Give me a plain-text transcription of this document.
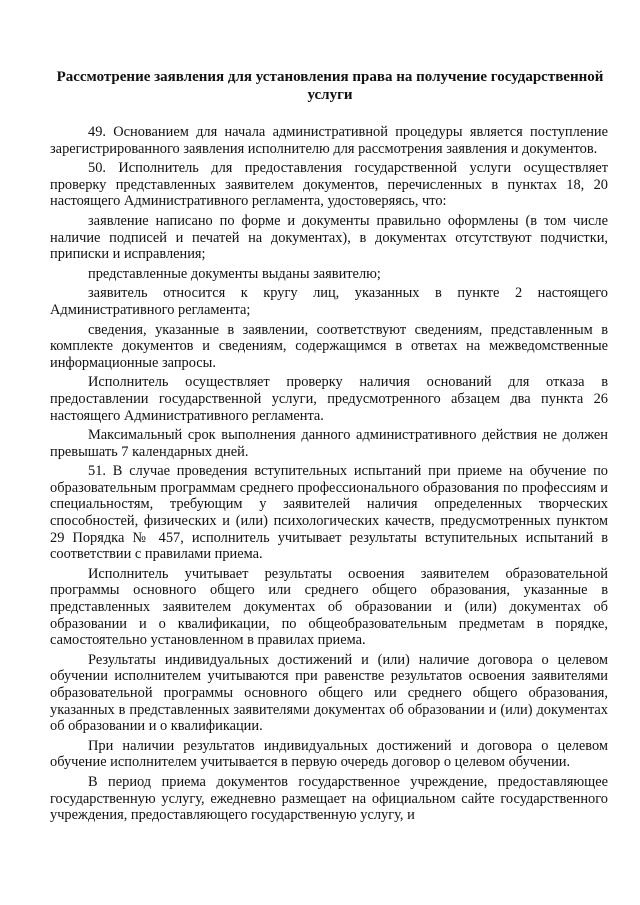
Рассмотрение заявления для установления права на получение государственной услуги

49. Основанием для начала административной процедуры является поступление зарегистрированного заявления исполнителю для рассмотрения заявления и документов.

50. Исполнитель для предоставления государственной услуги осуществляет проверку представленных заявителем документов, перечисленных в пунктах 18, 20 настоящего Административного регламента, удостоверяясь, что:

заявление написано по форме и документы правильно оформлены (в том числе наличие подписей и печатей на документах), в документах отсутствуют подчистки, приписки и исправления;

представленные документы выданы заявителю;

заявитель относится к кругу лиц, указанных в пункте 2 настоящего Административного регламента;

сведения, указанные в заявлении, соответствуют сведениям, представленным в комплекте документов и сведениям, содержащимся в ответах на межведомственные информационные запросы.

Исполнитель осуществляет проверку наличия оснований для отказа в предоставлении государственной услуги, предусмотренного абзацем два пункта 26 настоящего Административного регламента.

Максимальный срок выполнения данного административного действия не должен превышать 7 календарных дней.

51. В случае проведения вступительных испытаний при приеме на обучение по образовательным программам среднего профессионального образования по профессиям и специальностям, требующим у заявителей наличия определенных творческих способностей, физических и (или) психологических качеств, предусмотренных пунктом 29 Порядка № 457, исполнитель учитывает результаты вступительных испытаний в соответствии с правилами приема.

Исполнитель учитывает результаты освоения заявителем образовательной программы основного общего или среднего общего образования, указанные в представленных заявителем документах об образовании и (или) документах об образовании и о квалификации, по общеобразовательным предметам в порядке, самостоятельно установленном в правилах приема.

Результаты индивидуальных достижений и (или) наличие договора о целевом обучении исполнителем учитываются при равенстве результатов освоения заявителями образовательной программы основного общего или среднего общего образования, указанных в представленных заявителями документах об образовании и (или) документах об образовании и о квалификации.

При наличии результатов индивидуальных достижений и договора о целевом обучение исполнителем учитывается в первую очередь договор о целевом обучении.

В период приема документов государственное учреждение, предоставляющее государственную услугу, ежедневно размещает на официальном сайте государственного учреждения, предоставляющего государственную услугу, и
